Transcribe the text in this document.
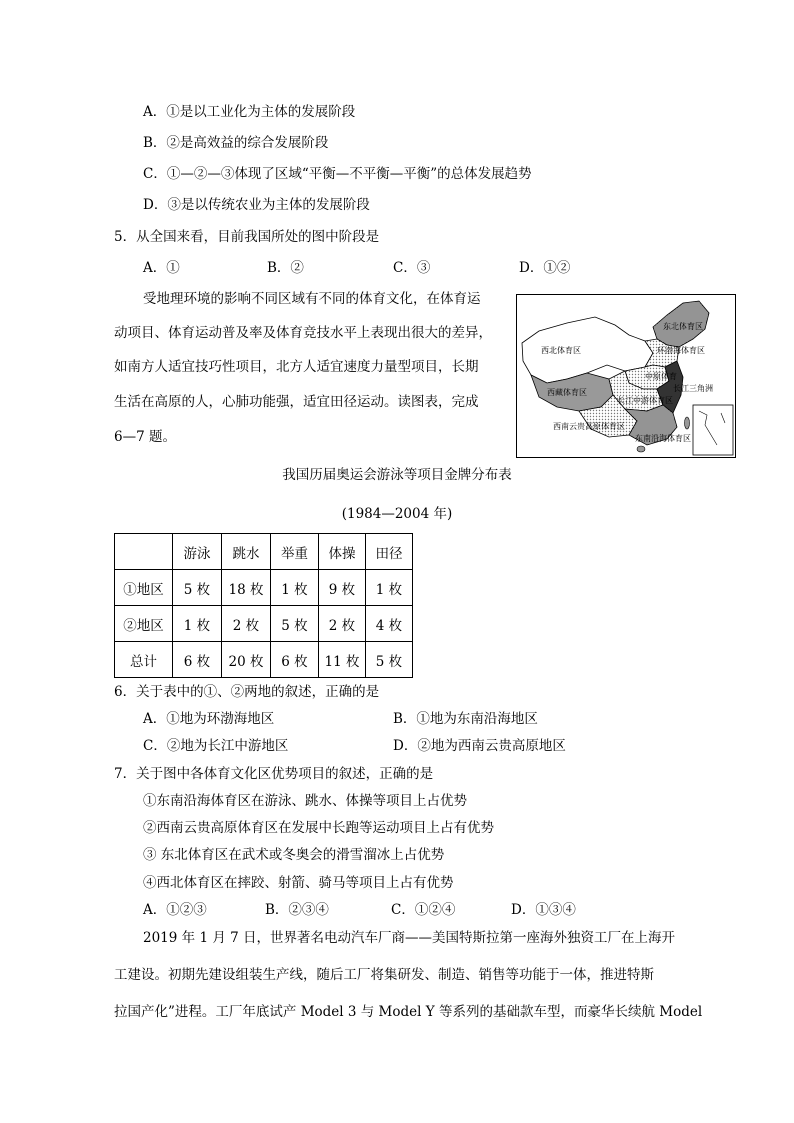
A．①是以工业化为主体的发展阶段
B．②是高效益的综合发展阶段
C．①—②—③体现了区域“平衡—不平衡—平衡”的总体发展趋势
D．③是以传统农业为主体的发展阶段
5．从全国来看，目前我国所处的图中阶段是
A．①	B．②	C．③	D．①②
受地理环境的影响不同区域有不同的体育文化，在体育运
动项目、体育运动普及率及体育竞技水平上表现出很大的差异，
如南方人适宜技巧性项目，北方人适宜速度力量型项目，长期
生活在高原的人，心肺功能强，适宜田径运动。读图表，完成
6—7 题。
西北体育区
东北体育区
环渤海体育区
中原体育
西藏体育区
长江中游体育区
长江三角洲
西南云贵高原体育区
东南沿海体育区
我国历届奥运会游泳等项目金牌分布表
(1984—2004 年)
	游泳	跳水	举重	体操	田径
①地区	5 枚	18 枚	1 枚	9 枚	1 枚
②地区	1 枚	2 枚	5 枚	2 枚	4 枚
总计	6 枚	20 枚	6 枚	11 枚	5 枚
6．关于表中的①、②两地的叙述，正确的是
A．①地为环渤海地区	B．①地为东南沿海地区
C．②地为长江中游地区	D．②地为西南云贵高原地区
7．关于图中各体育文化区优势项目的叙述，正确的是
①东南沿海体育区在游泳、跳水、体操等项目上占优势
②西南云贵高原体育区在发展中长跑等运动项目上占有优势
③ 东北体育区在武术或冬奥会的滑雪溜冰上占优势
④西北体育区在摔跤、射箭、骑马等项目上占有优势
A．①②③	B．②③④	C．①②④	D．①③④
2019 年 1 月 7 日，世界著名电动汽车厂商——美国特斯拉第一座海外独资工厂在上海开
工建设。初期先建设组装生产线，随后工厂将集研发、制造、销售等功能于一体，推进特斯
拉国产化”进程。工厂年底试产 Model 3 与 Model Y 等系列的基础款车型，而豪华长续航 Model
